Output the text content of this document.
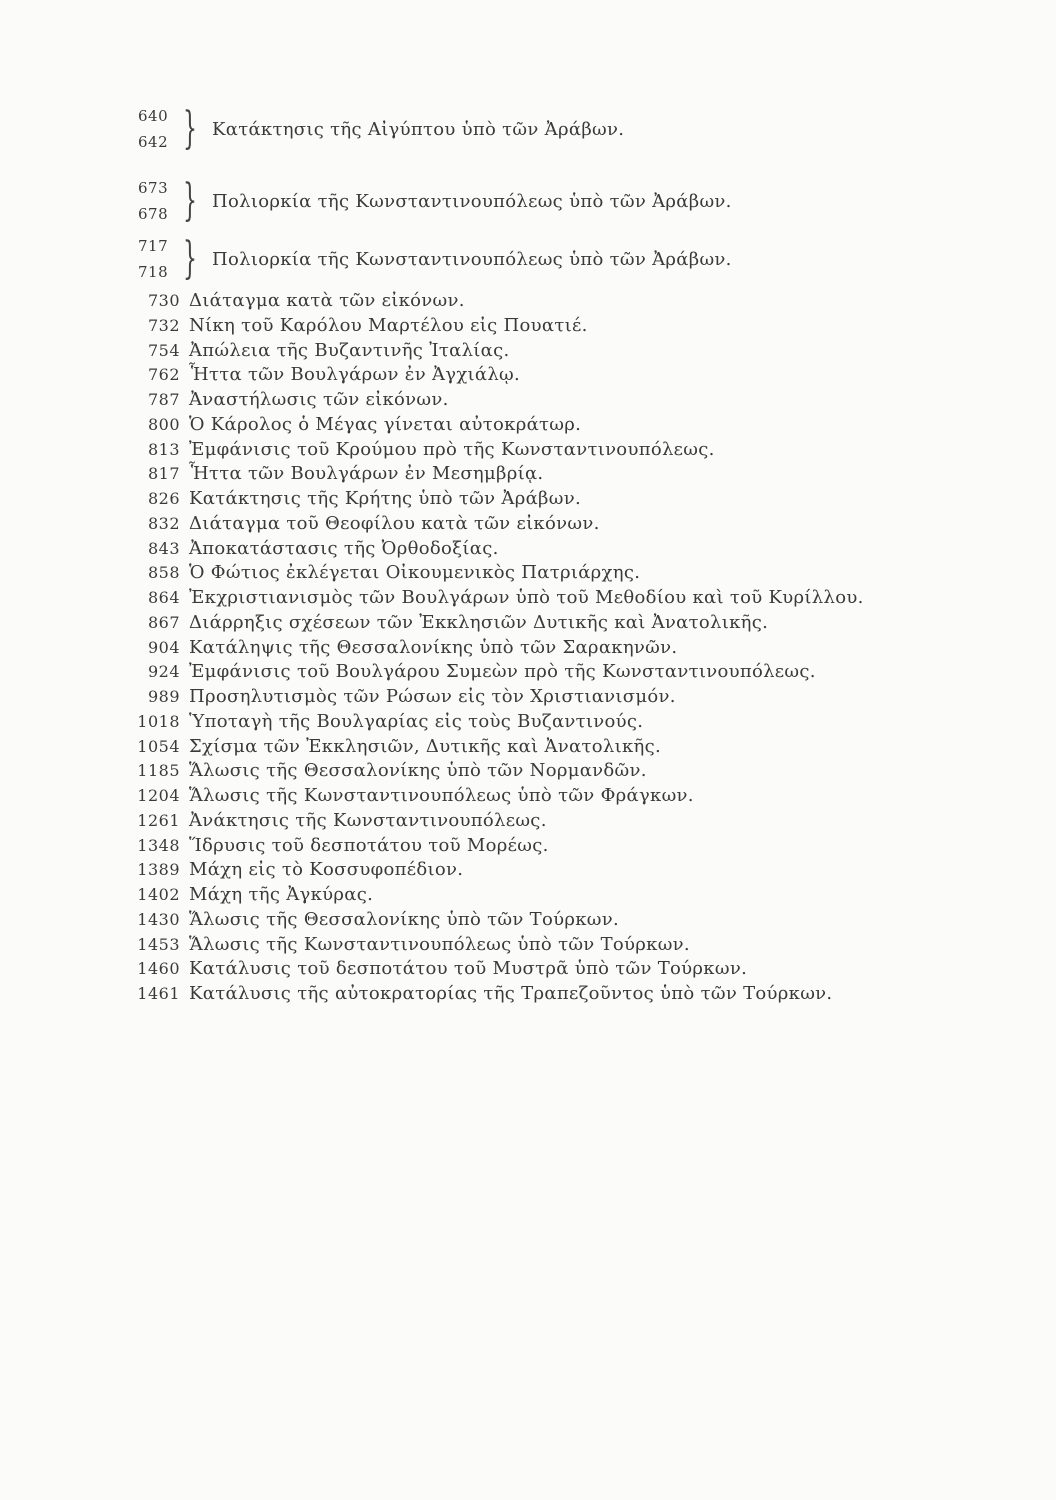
640
642 } Κατάκτησις τῆς Αἰγύπτου ὑπὸ τῶν Ἀράβων.
673
678 } Πολιορκία τῆς Κωνσταντινουπόλεως ὑπὸ τῶν Ἀράβων.
717
718 } Πολιορκία τῆς Κωνσταντινουπόλεως ὑπὸ τῶν Ἀράβων.
730 Διάταγμα κατὰ τῶν εἰκόνων.
732 Νίκη τοῦ Καρόλου Μαρτέλου εἰς Πουατιέ.
754 Ἀπώλεια τῆς Βυζαντινῆς Ἰταλίας.
762 Ἧττα τῶν Βουλγάρων ἐν Ἀγχιάλῳ.
787 Ἀναστήλωσις τῶν εἰκόνων.
800 Ὁ Κάρολος ὁ Μέγας γίνεται αὐτοκράτωρ.
813 Ἐμφάνισις τοῦ Κρούμου πρὸ τῆς Κωνσταντινουπόλεως.
817 Ἧττα τῶν Βουλγάρων ἐν Μεσημβρίᾳ.
826 Κατάκτησις τῆς Κρήτης ὑπὸ τῶν Ἀράβων.
832 Διάταγμα τοῦ Θεοφίλου κατὰ τῶν εἰκόνων.
843 Ἀποκατάστασις τῆς Ὀρθοδοξίας.
858 Ὁ Φώτιος ἐκλέγεται Οἰκουμενικὸς Πατριάρχης.
864 Ἐκχριστιανισμὸς τῶν Βουλγάρων ὑπὸ τοῦ Μεθοδίου καὶ τοῦ Κυρίλλου.
867 Διάρρηξις σχέσεων τῶν Ἐκκλησιῶν Δυτικῆς καὶ Ἀνατολικῆς.
904 Κατάληψις τῆς Θεσσαλονίκης ὑπὸ τῶν Σαρακηνῶν.
924 Ἐμφάνισις τοῦ Βουλγάρου Συμεὼν πρὸ τῆς Κωνσταντινουπόλεως.
989 Προσηλυτισμὸς τῶν Ρώσων εἰς τὸν Χριστιανισμόν.
1018 Ὑποταγὴ τῆς Βουλγαρίας εἰς τοὺς Βυζαντινούς.
1054 Σχίσμα τῶν Ἐκκλησιῶν, Δυτικῆς καὶ Ἀνατολικῆς.
1185 Ἅλωσις τῆς Θεσσαλονίκης ὑπὸ τῶν Νορμανδῶν.
1204 Ἅλωσις τῆς Κωνσταντινουπόλεως ὑπὸ τῶν Φράγκων.
1261 Ἀνάκτησις τῆς Κωνσταντινουπόλεως.
1348 Ἵδρυσις τοῦ δεσποτάτου τοῦ Μορέως.
1389 Μάχη εἰς τὸ Κοσσυφοπέδιον.
1402 Μάχη τῆς Ἀγκύρας.
1430 Ἅλωσις τῆς Θεσσαλονίκης ὑπὸ τῶν Τούρκων.
1453 Ἅλωσις τῆς Κωνσταντινουπόλεως ὑπὸ τῶν Τούρκων.
1460 Κατάλυσις τοῦ δεσποτάτου τοῦ Μυστρᾶ ὑπὸ τῶν Τούρκων.
1461 Κατάλυσις τῆς αὐτοκρατορίας τῆς Τραπεζοῦντος ὑπὸ τῶν Τούρκων.
